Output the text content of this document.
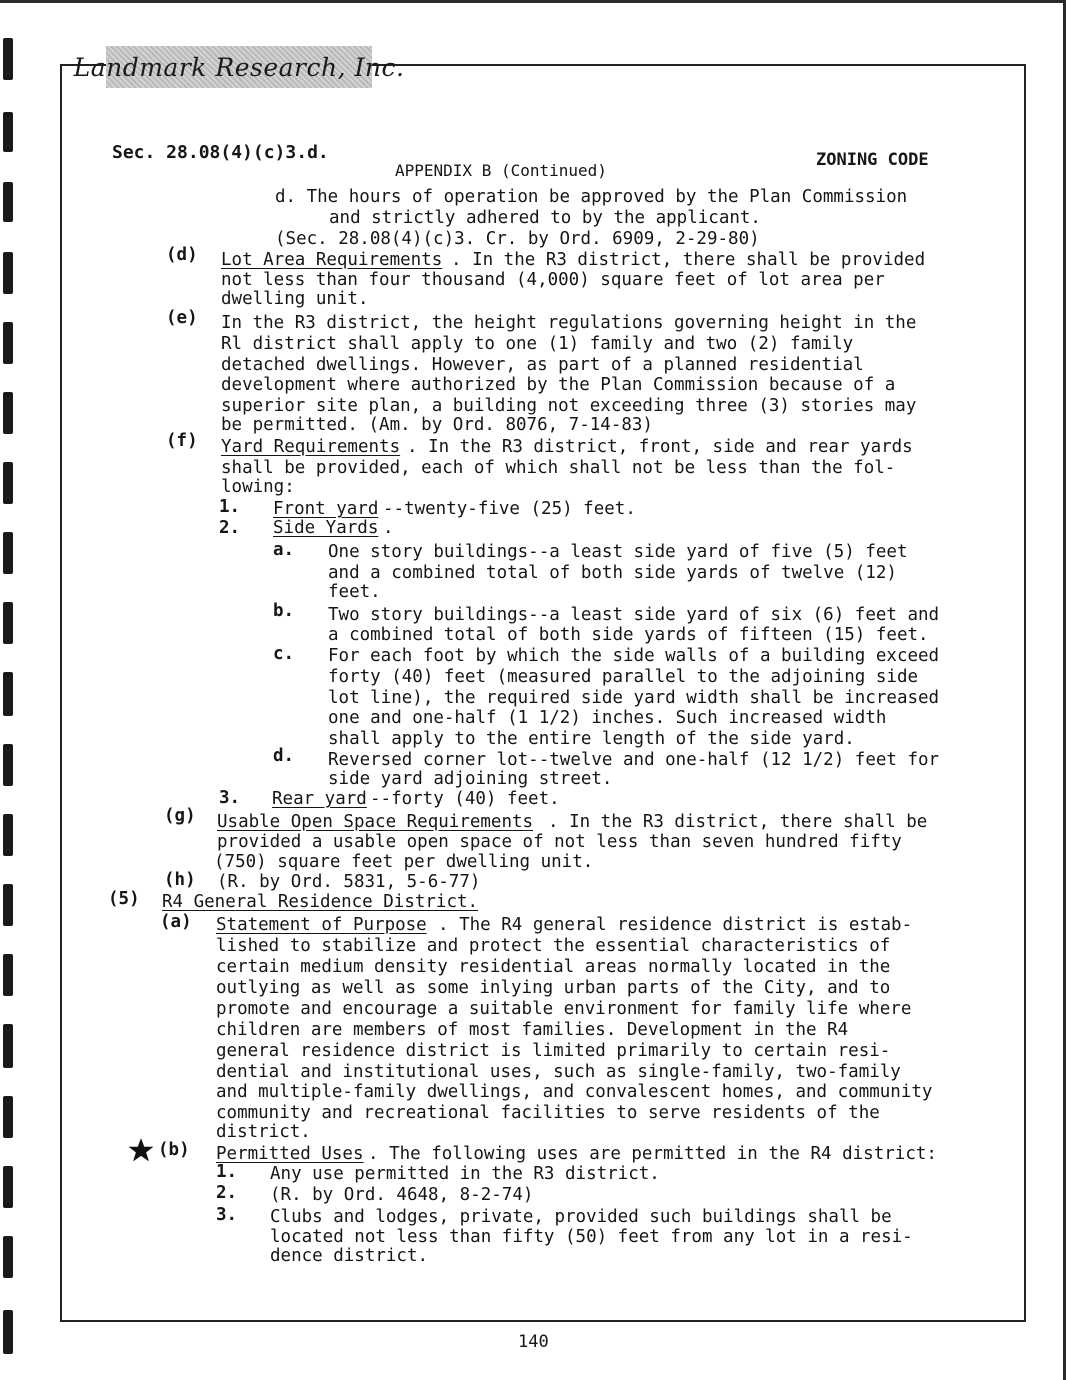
Landmark Research, Inc.
Sec. 28.08(4)(c)3.d.
APPENDIX B (Continued)
ZONING CODE
d. The hours of operation be approved by the Plan Commission
and strictly adhered to by the applicant.
(Sec. 28.08(4)(c)3. Cr. by Ord. 6909, 2-29-80)
(d) Lot Area Requirements . In the R3 district, there shall be provided
not less than four thousand (4,000) square feet of lot area per
dwelling unit.
(e) In the R3 district, the height regulations governing height in the
Rl district shall apply to one (1) family and two (2) family
detached dwellings. However, as part of a planned residential
development where authorized by the Plan Commission because of a
superior site plan, a building not exceeding three (3) stories may
be permitted. (Am. by Ord. 8076, 7-14-83)
(f) Yard Requirements . In the R3 district, front, side and rear yards
shall be provided, each of which shall not be less than the fol-
lowing:
1. Front yard --twenty-five (25) feet.
2. Side Yards .
a. One story buildings--a least side yard of five (5) feet
and a combined total of both side yards of twelve (12)
feet.
b. Two story buildings--a least side yard of six (6) feet and
a combined total of both side yards of fifteen (15) feet.
c. For each foot by which the side walls of a building exceed
forty (40) feet (measured parallel to the adjoining side
lot line), the required side yard width shall be increased
one and one-half (1 1/2) inches. Such increased width
shall apply to the entire length of the side yard.
d. Reversed corner lot--twelve and one-half (12 1/2) feet for
side yard adjoining street.
3. Rear yard --forty (40) feet.
(g) Usable Open Space Requirements . In the R3 district, there shall be
provided a usable open space of not less than seven hundred fifty
(750) square feet per dwelling unit.
(h) (R. by Ord. 5831, 5-6-77)
(5) R4 General Residence District.
(a) Statement of Purpose . The R4 general residence district is estab-
lished to stabilize and protect the essential characteristics of
certain medium density residential areas normally located in the
outlying as well as some inlying urban parts of the City, and to
promote and encourage a suitable environment for family life where
children are members of most families. Development in the R4
general residence district is limited primarily to certain resi-
dential and institutional uses, such as single-family, two-family
and multiple-family dwellings, and convalescent homes, and community
community and recreational facilities to serve residents of the
district.
(b) Permitted Uses . The following uses are permitted in the R4 district:
1. Any use permitted in the R3 district.
2. (R. by Ord. 4648, 8-2-74)
3. Clubs and lodges, private, provided such buildings shall be
located not less than fifty (50) feet from any lot in a resi-
dence district.
140
